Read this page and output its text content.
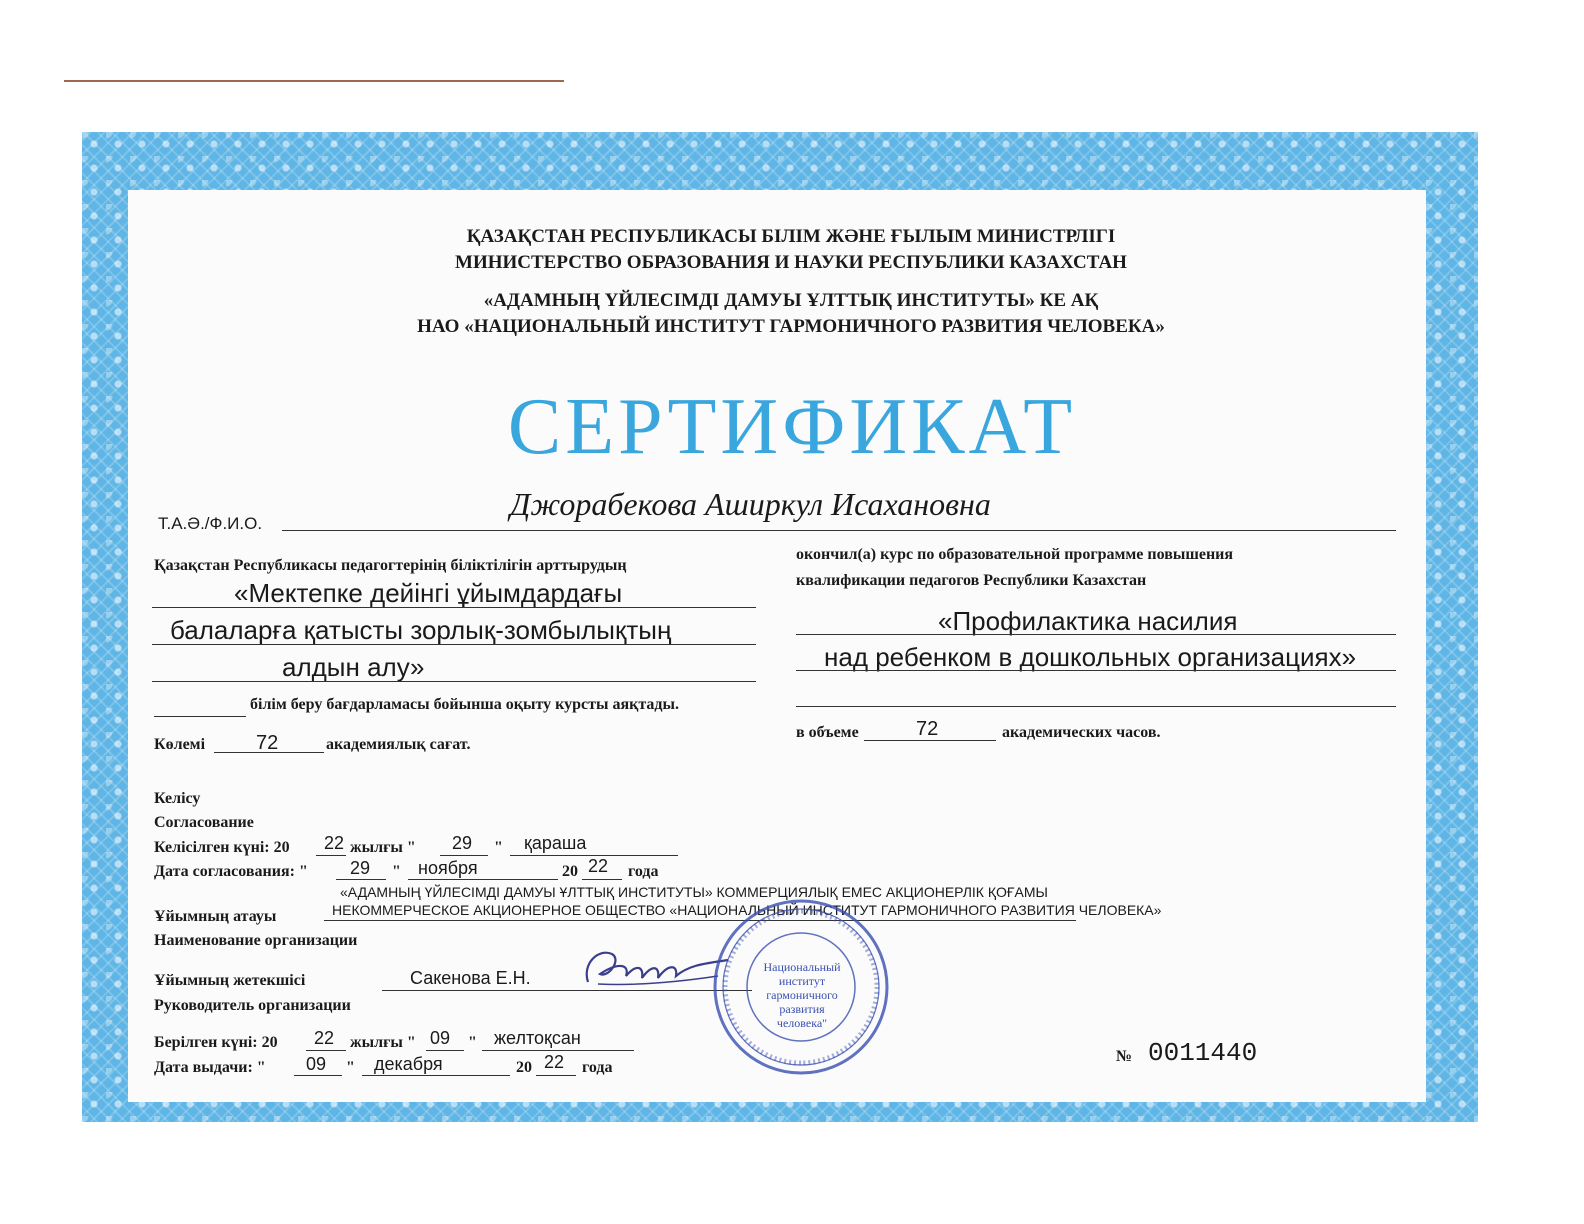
ҚАЗАҚСТАН РЕСПУБЛИКАСЫ БІЛІМ ЖӘНЕ ҒЫЛЫМ МИНИСТРЛІГІ
МИНИСТЕРСТВО ОБРАЗОВАНИЯ И НАУКИ РЕСПУБЛИКИ КАЗАХСТАН
«АДАМНЫҢ ҮЙЛЕСІМДІ ДАМУЫ ҰЛТТЫҚ ИНСТИТУТЫ» КЕ АҚ
НАО «НАЦИОНАЛЬНЫЙ ИНСТИТУТ ГАРМОНИЧНОГО РАЗВИТИЯ ЧЕЛОВЕКА»
СЕРТИФИКАТ
Т.А.Ә./Ф.И.О.
Джорабекова Аширкул Исахановна
Қазақстан Республикасы педагогтерінің біліктілігін арттырудың
«Мектепке дейінгі ұйымдардағы
балаларға қатысты зорлық-зомбылықтың
алдын алу»
білім беру бағдарламасы бойынша оқыту курсты аяқтады.
Көлемі	72	академиялық сағат.
окончил(а) курс по образовательной программе повышения
квалификации педагогов Республики Казахстан
«Профилактика насилия
над ребенком в дошкольных организациях»
в объеме	72	академических часов.
Келісу
Согласование
Келісілген күні: 20 22 жылғы " 29 " қараша
Дата согласования: " 29 " ноября	20 22 года
«АДАМНЫҢ ҮЙЛЕСІМДІ ДАМУЫ ҰЛТТЫҚ ИНСТИТУТЫ» КОММЕРЦИЯЛЫҚ ЕМЕС АКЦИОНЕРЛІК ҚОҒАМЫ
Ұйымның атауы	НЕКОММЕРЧЕСКОЕ АКЦИОНЕРНОЕ ОБЩЕСТВО «НАЦИОНАЛЬНЫЙ ИНСТИТУТ ГАРМОНИЧНОГО РАЗВИТИЯ ЧЕЛОВЕКА»
Наименование организации
Ұйымның жетекшісі	Сакенова Е.Н.
Руководитель организации
Берілген күні: 20 22 жылғы " 09 " желтоқсан
Дата выдачи: " 09 " декабря	20 22 года
Национальный
институт
гармоничного
развития
человека"
№ 0011440
